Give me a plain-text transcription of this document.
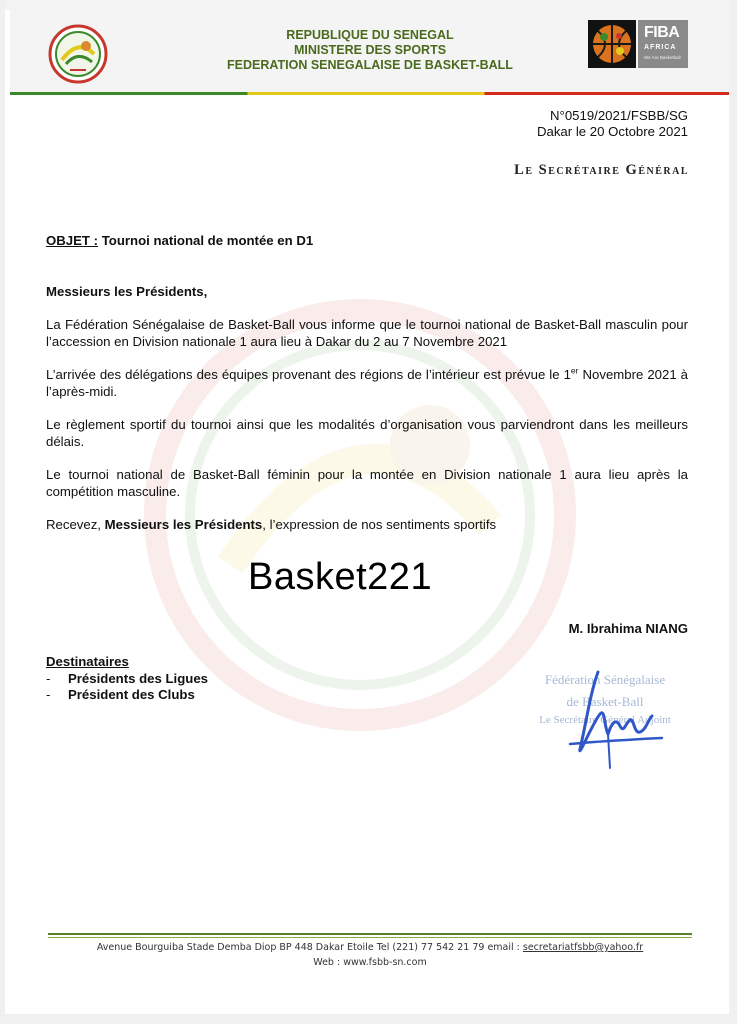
REPUBLIQUE DU SENEGAL
MINISTERE DES SPORTS
FEDERATION SENEGALAISE DE BASKET-BALL
FIBA
AFRICA
We Are Basketball
N°0519/2021/FSBB/SG
Dakar le 20 Octobre 2021
Le Secrétaire Général

OBJET : Tournoi national de montée en D1

Messieurs les Présidents,

La Fédération Sénégalaise de Basket-Ball vous informe que le tournoi national de Basket-Ball masculin pour l’accession en Division nationale 1 aura lieu à Dakar du 2 au 7 Novembre 2021

L’arrivée des délégations des équipes provenant des régions de l’intérieur est prévue le 1er Novembre 2021 à l’après-midi.

Le règlement sportif du tournoi ainsi que les modalités d’organisation vous parviendront dans les meilleurs délais.

Le tournoi national de Basket-Ball féminin pour la montée en Division nationale 1 aura lieu après la compétition masculine.

Recevez, Messieurs les Présidents, l’expression de nos sentiments sportifs

Basket221
M. Ibrahima NIANG
Destinataires
- Présidents des Ligues
- Président des Clubs
Fédération Sénégalaise
de Basket-Ball
Le Secrétaire Général Adjoint
Avenue Bourguiba Stade Demba Diop BP 448 Dakar Etoile Tel (221) 77 542 21 79 email : secretariatfsbb@yahoo.fr
Web : www.fsbb-sn.com
